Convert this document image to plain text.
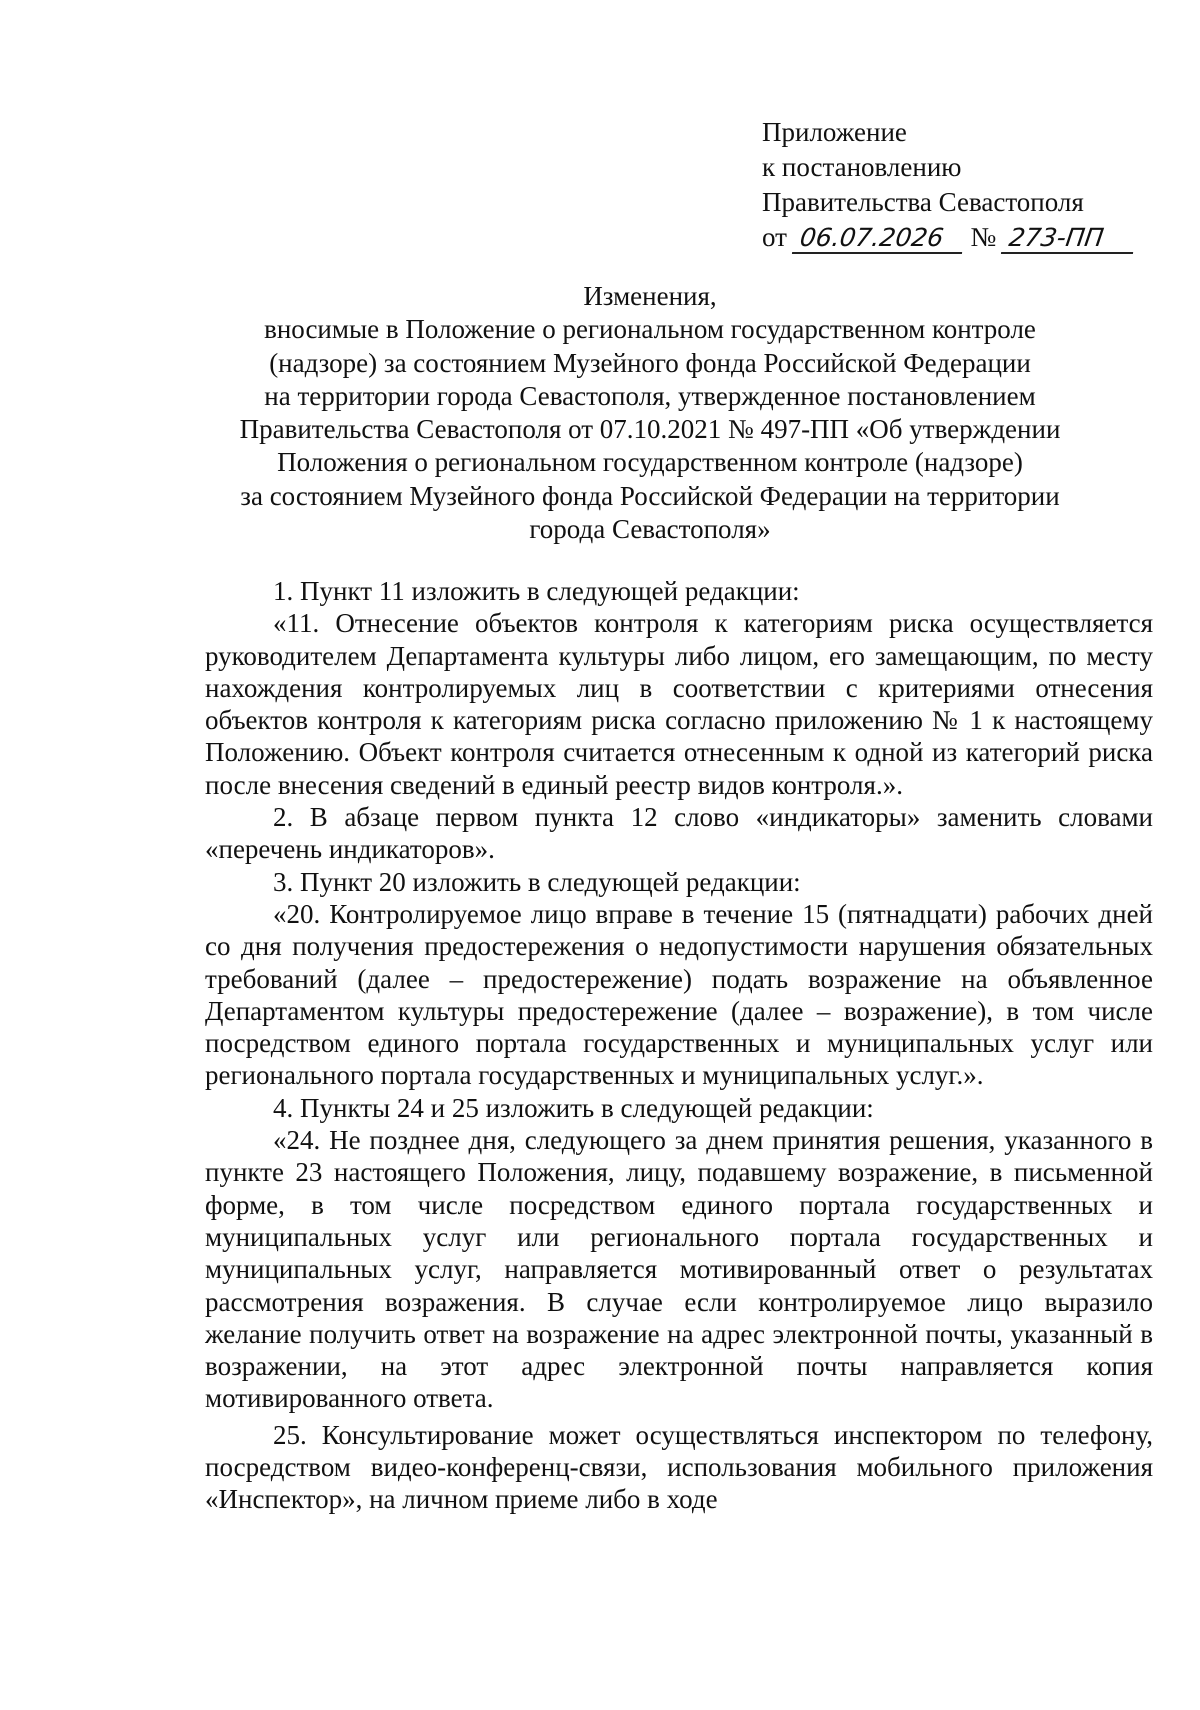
Приложение
к постановлению
Правительства Севастополя
от 06.07.2026 № 273-ПП
Изменения,
вносимые в Положение о региональном государственном контроле
(надзоре) за состоянием Музейного фонда Российской Федерации
на территории города Севастополя, утвержденное постановлением
Правительства Севастополя от 07.10.2021 № 497-ПП «Об утверждении
Положения о региональном государственном контроле (надзоре)
за состоянием Музейного фонда Российской Федерации на территории
города Севастополя»

1. Пункт 11 изложить в следующей редакции:

«11. Отнесение объектов контроля к категориям риска осуществляется руководителем Департамента культуры либо лицом, его замещающим, по месту нахождения контролируемых лиц в соответствии с критериями отнесения объектов контроля к категориям риска согласно приложению № 1 к настоящему Положению. Объект контроля считается отнесенным к одной из категорий риска после внесения сведений в единый реестр видов контроля.».

2. В абзаце первом пункта 12 слово «индикаторы» заменить словами «перечень индикаторов».

3. Пункт 20 изложить в следующей редакции:

«20. Контролируемое лицо вправе в течение 15 (пятнадцати) рабочих дней со дня получения предостережения о недопустимости нарушения обязательных требований (далее – предостережение) подать возражение на объявленное Департаментом культуры предостережение (далее – возражение), в том числе посредством единого портала государственных и муниципальных услуг или регионального портала государственных и муниципальных услуг.».

4. Пункты 24 и 25 изложить в следующей редакции:

«24. Не позднее дня, следующего за днем принятия решения, указанного в пункте 23 настоящего Положения, лицу, подавшему возражение, в письменной форме, в том числе посредством единого портала государственных и муниципальных услуг или регионального портала государственных и муниципальных услуг, направляется мотивированный ответ о результатах рассмотрения возражения. В случае если контролируемое лицо выразило желание получить ответ на возражение на адрес электронной почты, указанный в возражении, на этот адрес электронной почты направляется копия мотивированного ответа.

25. Консультирование может осуществляться инспектором по телефону, посредством видео-конференц-связи, использования мобильного приложения «Инспектор», на личном приеме либо в ходе
